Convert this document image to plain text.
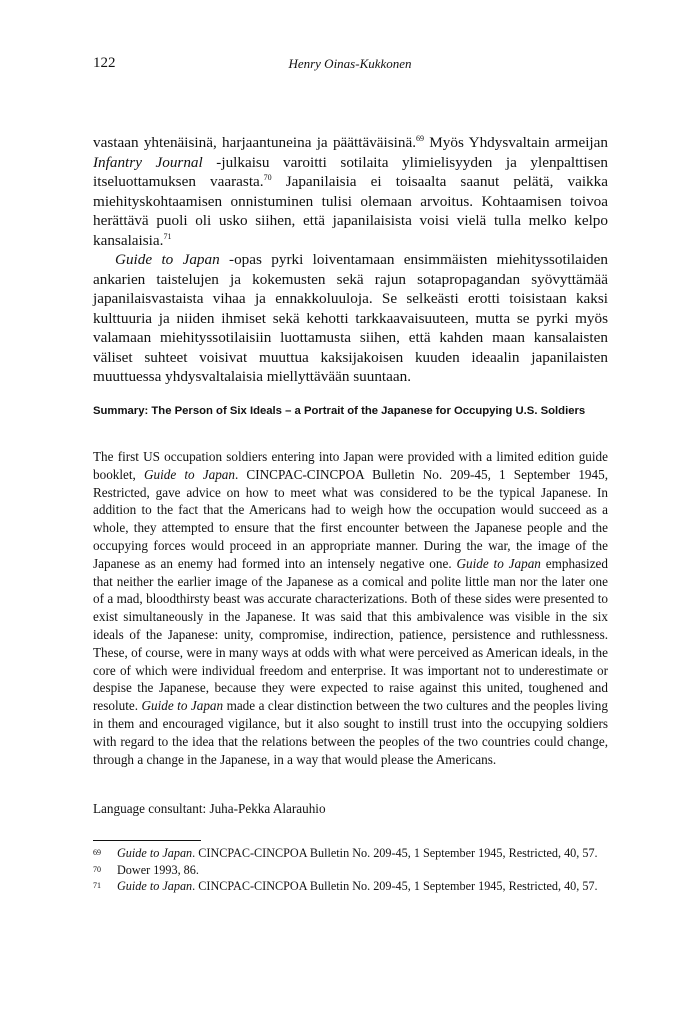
122	Henry Oinas-Kukkonen

vastaan yhtenäisinä, harjaantuneina ja päättäväisinä.$^{69}$ Myös Yhdysvaltain armeijan Infantry Journal -julkaisu varoitti sotilaita ylimielisyyden ja ylenpalttisen itseluottamuksen vaarasta.$^{70}$ Japanilaisia ei toisaalta saanut pelätä, vaikka miehityskohtaamisen onnistuminen tulisi olemaan arvoitus. Kohtaamisen toivoa herättävä puoli oli usko siihen, että japanilaisista voisi vielä tulla melko kelpo kansalaisia.$^{71}$

Guide to Japan -opas pyrki loiventamaan ensimmäisten miehityssotilaiden ankarien taistelujen ja kokemusten sekä rajun sotapropagandan syövyttämää japanilaisvastaista vihaa ja ennakkoluuloja. Se selkeästi erotti toisistaan kaksi kulttuuria ja niiden ihmiset sekä kehotti tarkkaavaisuuteen, mutta se pyrki myös valamaan miehityssotilaisiin luottamusta siihen, että kahden maan kansalaisten väliset suhteet voisivat muuttua kaksijakoisen kuuden ideaalin japanilaisten muuttuessa yhdysvaltalaisia miellyttävään suuntaan.

Summary: The Person of Six Ideals – a Portrait of the Japanese for Occupying U.S. Soldiers

The first US occupation soldiers entering into Japan were provided with a limited edition guide booklet, Guide to Japan. CINCPAC-CINCPOA Bulletin No. 209-45, 1 September 1945, Restricted, gave advice on how to meet what was considered to be the typical Japanese. In addition to the fact that the Americans had to weigh how the occupation would succeed as a whole, they attempted to ensure that the first encounter between the Japanese people and the occupying forces would proceed in an appropriate manner. During the war, the image of the Japanese as an enemy had formed into an intensely negative one. Guide to Japan emphasized that neither the earlier image of the Japanese as a comical and polite little man nor the later one of a mad, bloodthirsty beast was accurate characterizations. Both of these sides were presented to exist simultaneously in the Japanese. It was said that this ambivalence was visible in the six ideals of the Japanese: unity, compromise, indirection, patience, persistence and ruthlessness. These, of course, were in many ways at odds with what were perceived as American ideals, in the core of which were individual freedom and enterprise. It was important not to underestimate or despise the Japanese, because they were expected to raise against this united, toughened and resolute. Guide to Japan made a clear distinction between the two cultures and the peoples living in them and encouraged vigilance, but it also sought to instill trust into the occupying soldiers with regard to the idea that the relations between the peoples of the two countries could change, through a change in the Japanese, in a way that would please the Americans.

Language consultant: Juha-Pekka Alarauhio
69	Guide to Japan. CINCPAC-CINCPOA Bulletin No. 209-45, 1 September 1945, Restricted, 40, 57.
70	Dower 1993, 86.
71	Guide to Japan. CINCPAC-CINCPOA Bulletin No. 209-45, 1 September 1945, Restricted, 40, 57.
